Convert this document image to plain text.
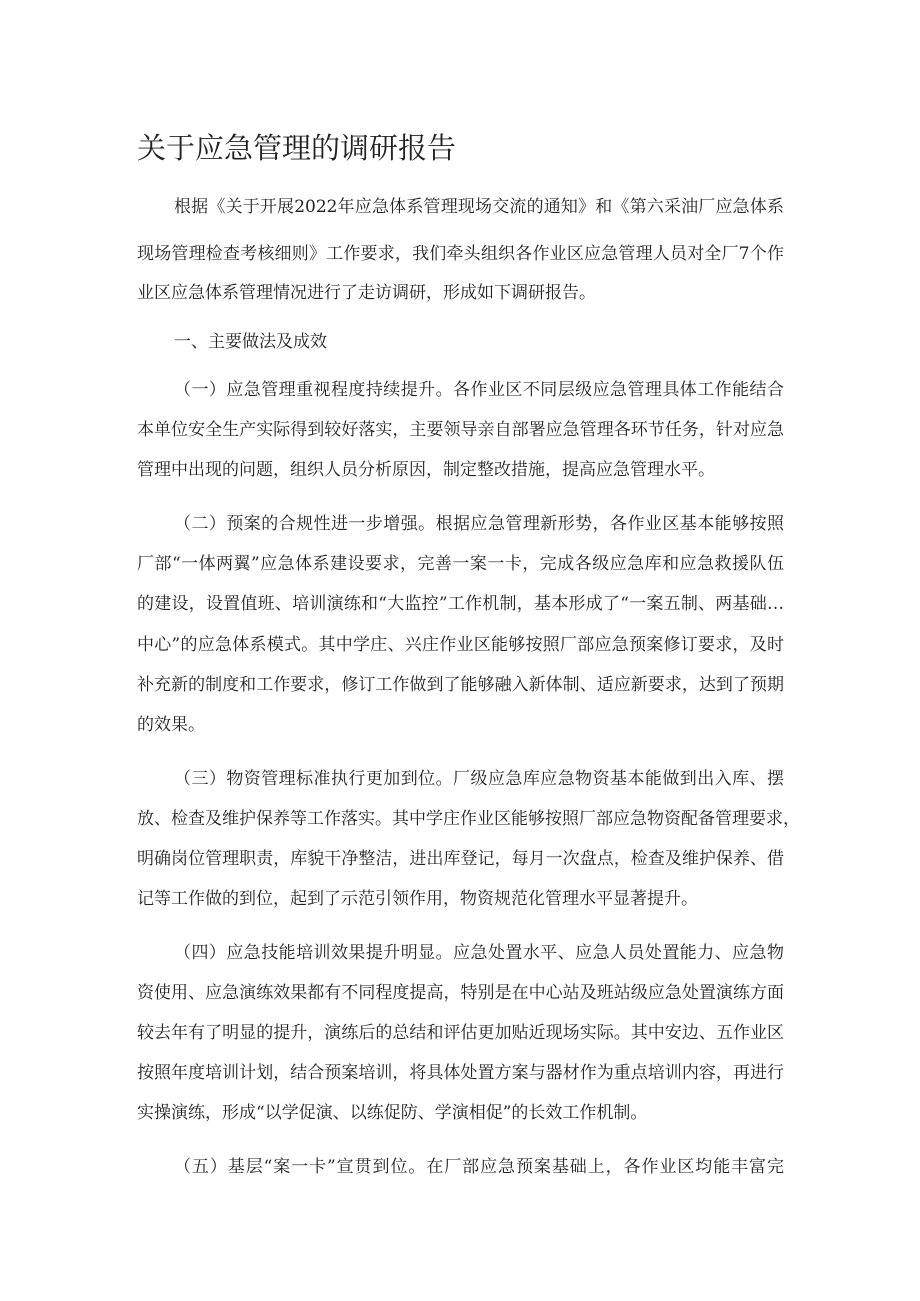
关于应急管理的调研报告

根据《关于开展2022年应急体系管理现场交流的通知》和《第六采油厂应急体系

现场管理检查考核细则》工作要求，我们牵头组织各作业区应急管理人员对全厂7个作

业区应急体系管理情况进行了走访调研，形成如下调研报告。

一、主要做法及成效

（一）应急管理重视程度持续提升。各作业区不同层级应急管理具体工作能结合

本单位安全生产实际得到较好落实，主要领导亲自部署应急管理各环节任务，针对应急

管理中出现的问题，组织人员分析原因，制定整改措施，提高应急管理水平。

（二）预案的合规性进一步增强。根据应急管理新形势，各作业区基本能够按照

厂部“一体两翼”应急体系建设要求，完善一案一卡，完成各级应急库和应急救援队伍

的建设，设置值班、培训演练和“大监控”工作机制，基本形成了“一案五制、两基础…

中心”的应急体系模式。其中学庄、兴庄作业区能够按照厂部应急预案修订要求，及时

补充新的制度和工作要求，修订工作做到了能够融入新体制、适应新要求，达到了预期

的效果。

（三）物资管理标准执行更加到位。厂级应急库应急物资基本能做到出入库、摆

放、检查及维护保养等工作落实。其中学庄作业区能够按照厂部应急物资配备管理要求，

明确岗位管理职责，库貌干净整洁，进出库登记，每月一次盘点，检查及维护保养、借

记等工作做的到位，起到了示范引领作用，物资规范化管理水平显著提升。

（四）应急技能培训效果提升明显。应急处置水平、应急人员处置能力、应急物

资使用、应急演练效果都有不同程度提高，特别是在中心站及班站级应急处置演练方面

较去年有了明显的提升，演练后的总结和评估更加贴近现场实际。其中安边、五作业区

按照年度培训计划，结合预案培训，将具体处置方案与器材作为重点培训内容，再进行

实操演练，形成“以学促演、以练促防、学演相促”的长效工作机制。

（五）基层“案一卡”宣贯到位。在厂部应急预案基础上，各作业区均能丰富完
